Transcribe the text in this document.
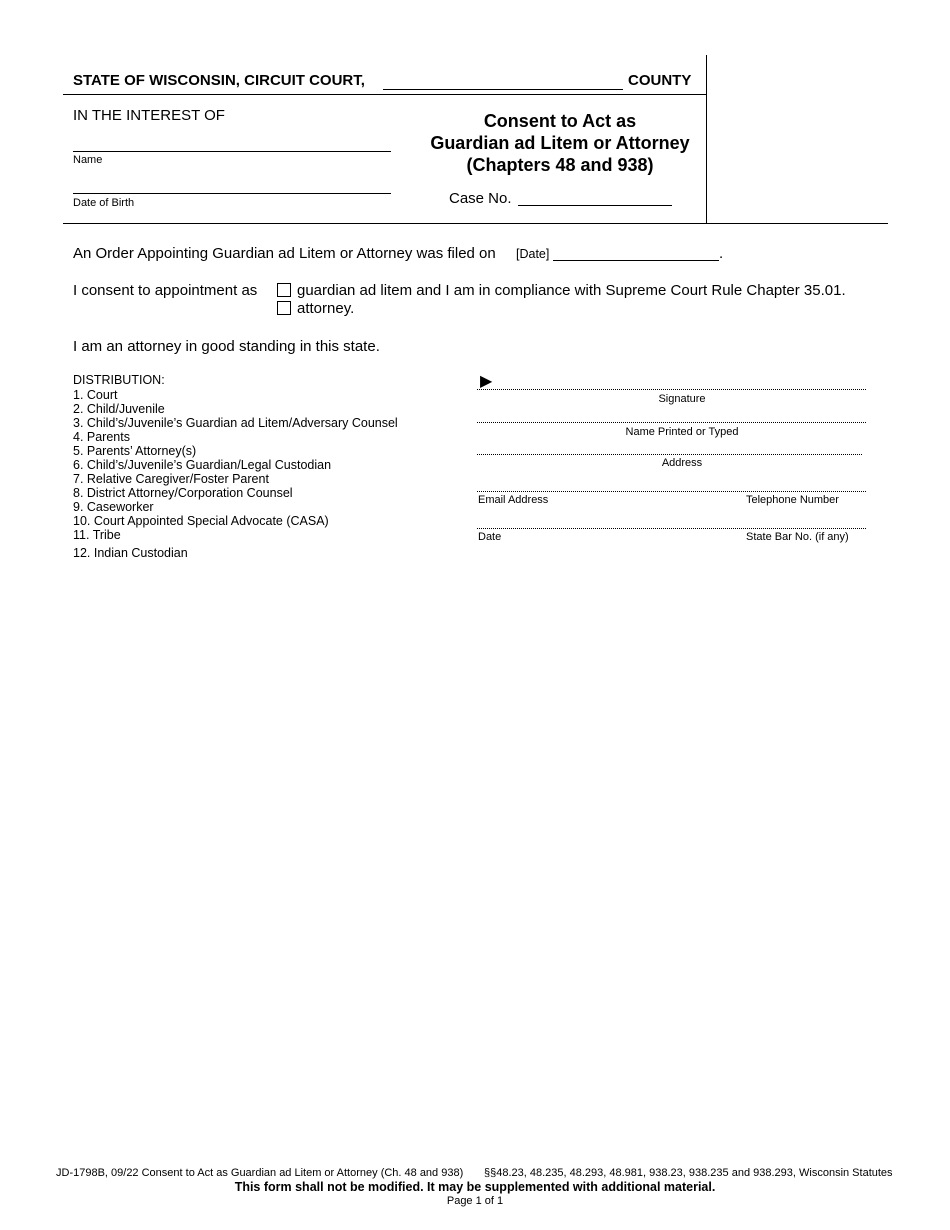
STATE OF WISCONSIN, CIRCUIT COURT,	COUNTY
IN THE INTEREST OF
Name
Date of Birth
Consent to Act as
Guardian ad Litem or Attorney
(Chapters 48 and 938)
Case No.
An Order Appointing Guardian ad Litem or Attorney was filed on [Date]	.
I consent to appointment as	guardian ad litem and I am in compliance with Supreme Court Rule Chapter 35.01.
attorney.
I am an attorney in good standing in this state.
DISTRIBUTION:
1. Court
2. Child/Juvenile
3. Child’s/Juvenile’s Guardian ad Litem/Adversary Counsel
4. Parents
5. Parents’ Attorney(s)
6. Child’s/Juvenile’s Guardian/Legal Custodian
7. Relative Caregiver/Foster Parent
8. District Attorney/Corporation Counsel
9. Caseworker
10. Court Appointed Special Advocate (CASA)
11. Tribe
12. Indian Custodian
▶
Signature
Name Printed or Typed
Address
Email Address	Telephone Number
Date	State Bar No. (if any)
JD-1798B, 09/22 Consent to Act as Guardian ad Litem or Attorney (Ch. 48 and 938) §§48.23, 48.235, 48.293, 48.981, 938.23, 938.235 and 938.293, Wisconsin Statutes
This form shall not be modified. It may be supplemented with additional material.
Page 1 of 1
